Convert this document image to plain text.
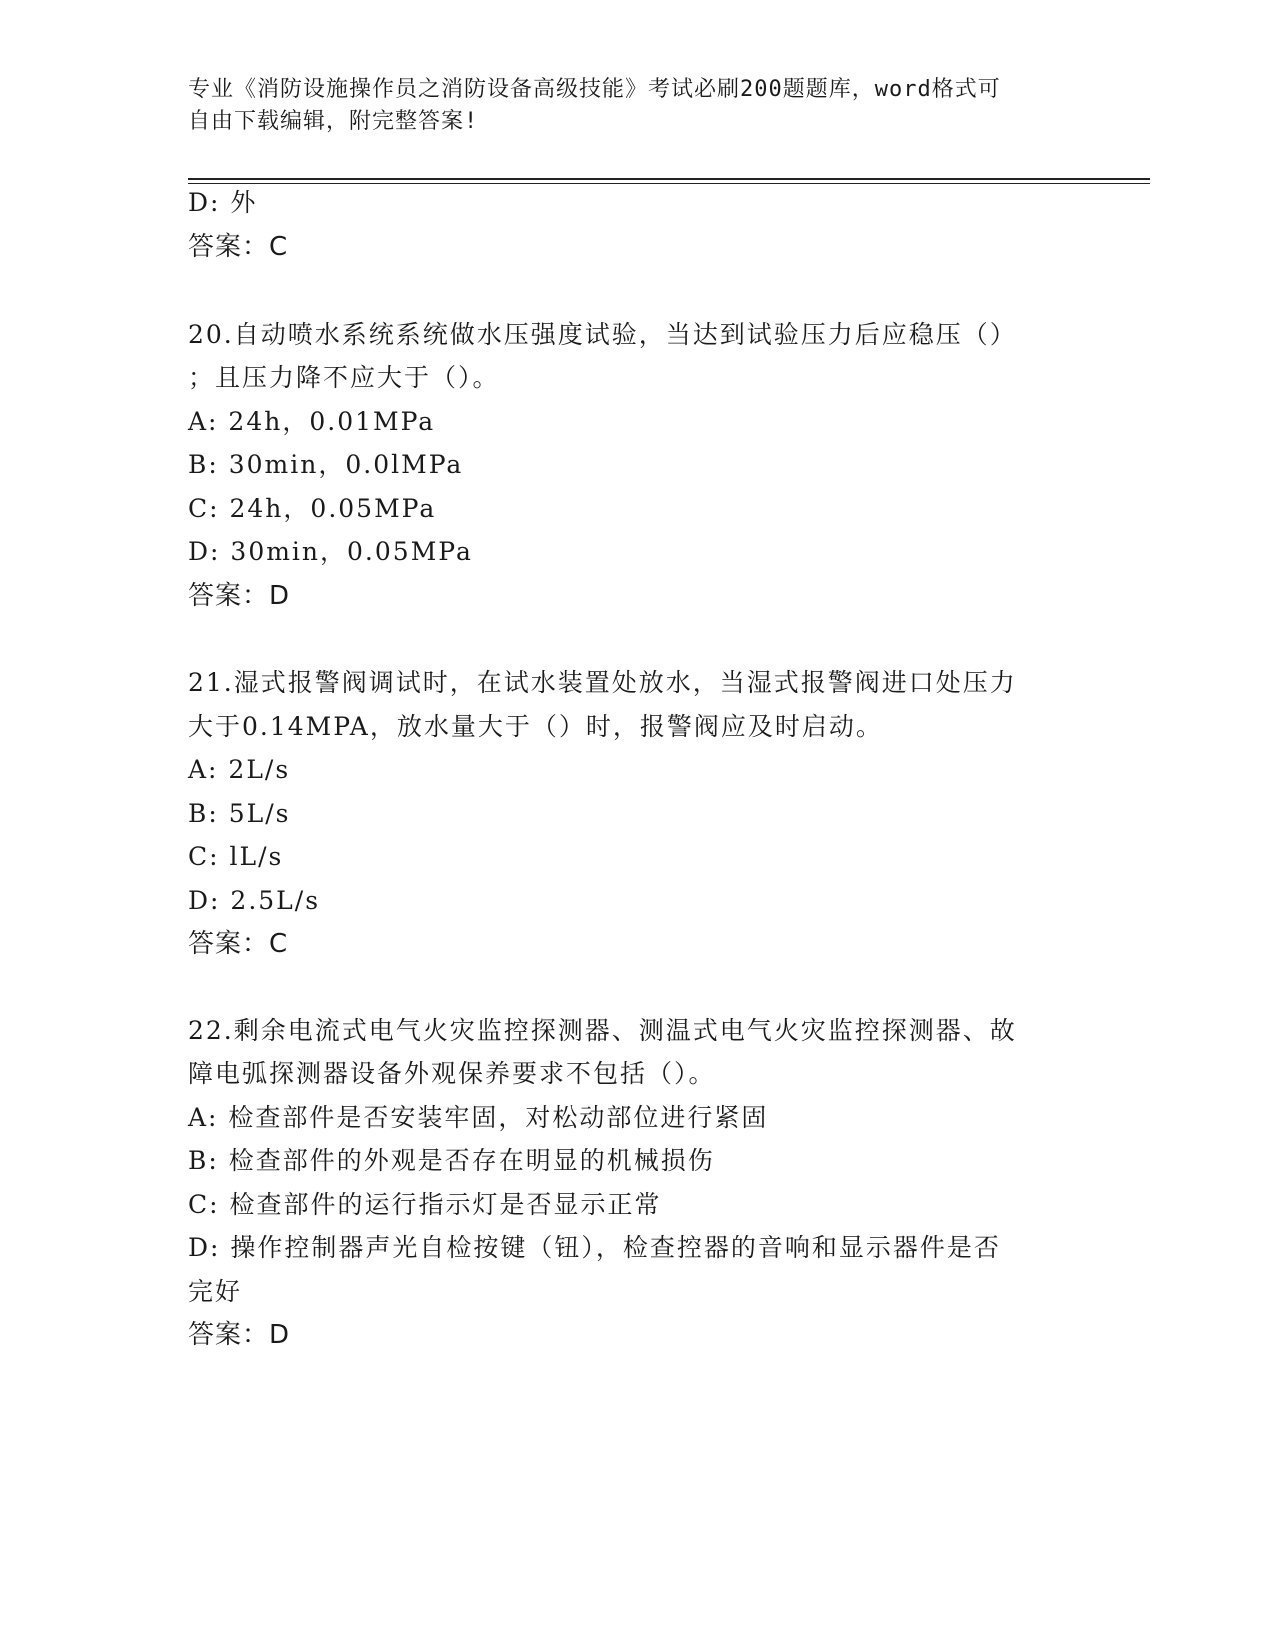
专业《消防设施操作员之消防设备高级技能》考试必刷200题题库，word格式可
自由下载编辑，附完整答案!
D: 外
答案：C
20.自动喷水系统系统做水压强度试验，当达到试验压力后应稳压（）
；且压力降不应大于（）。
A: 24h，0.01MPa
B: 30min，0.0lMPa
C: 24h，0.05MPa
D: 30min，0.05MPa
答案：D
21.湿式报警阀调试时，在试水装置处放水，当湿式报警阀进口处压力
大于0.14MPA，放水量大于（）时，报警阀应及时启动。
A: 2L/s
B: 5L/s
C: lL/s
D: 2.5L/s
答案：C
22.剩余电流式电气火灾监控探测器、测温式电气火灾监控探测器、故
障电弧探测器设备外观保养要求不包括（）。
A: 检查部件是否安装牢固，对松动部位进行紧固
B: 检查部件的外观是否存在明显的机械损伤
C: 检查部件的运行指示灯是否显示正常
D: 操作控制器声光自检按键（钮），检查控器的音响和显示器件是否
完好
答案：D
